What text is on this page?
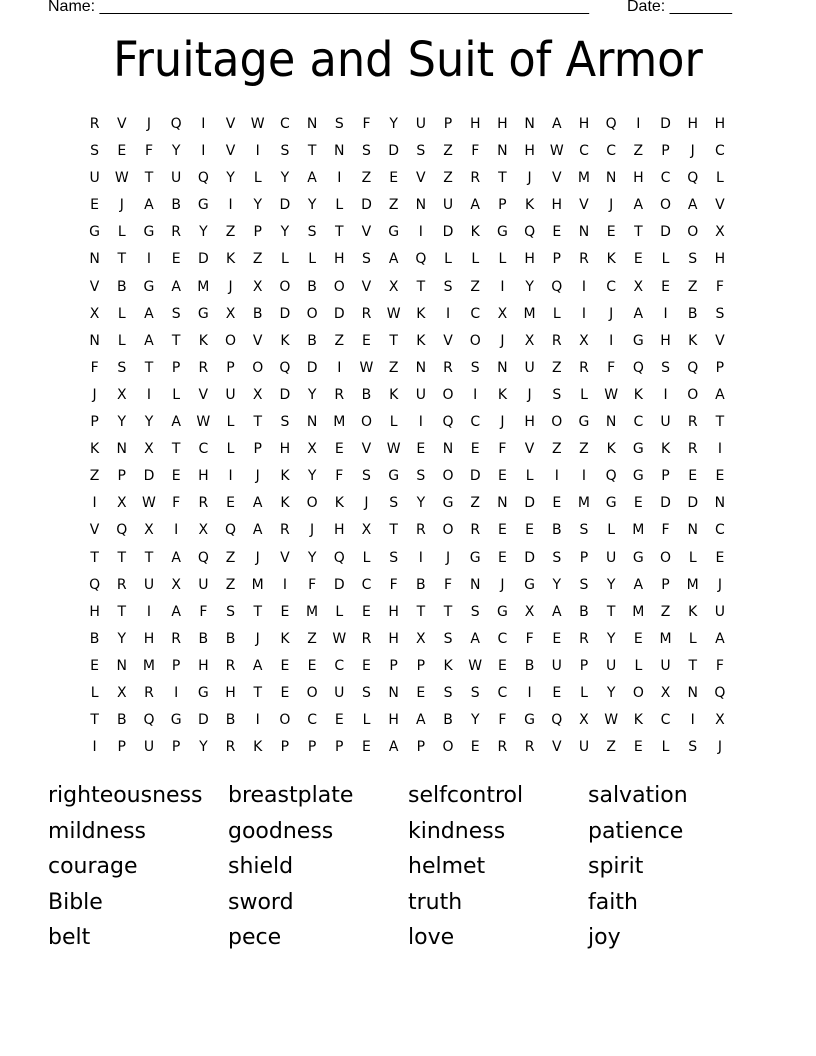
Name: _______________________________________________________ Date: _______
Fruitage and Suit of Armor
R	V	J	Q	I	V	W	C	N	S	F	Y	U	P	H	H	N	A	H	Q	I	D	H	H
S	E	F	Y	I	V	I	S	T	N	S	D	S	Z	F	N	H	W	C	C	Z	P	J	C
U	W	T	U	Q	Y	L	Y	A	I	Z	E	V	Z	R	T	J	V	M	N	H	C	Q	L
E	J	A	B	G	I	Y	D	Y	L	D	Z	N	U	A	P	K	H	V	J	A	O	A	V
G	L	G	R	Y	Z	P	Y	S	T	V	G	I	D	K	G	Q	E	N	E	T	D	O	X
N	T	I	E	D	K	Z	L	L	H	S	A	Q	L	L	L	H	P	R	K	E	L	S	H
V	B	G	A	M	J	X	O	B	O	V	X	T	S	Z	I	Y	Q	I	C	X	E	Z	F
X	L	A	S	G	X	B	D	O	D	R	W	K	I	C	X	M	L	I	J	A	I	B	S
N	L	A	T	K	O	V	K	B	Z	E	T	K	V	O	J	X	R	X	I	G	H	K	V
F	S	T	P	R	P	O	Q	D	I	W	Z	N	R	S	N	U	Z	R	F	Q	S	Q	P
J	X	I	L	V	U	X	D	Y	R	B	K	U	O	I	K	J	S	L	W	K	I	O	A
P	Y	Y	A	W	L	T	S	N	M	O	L	I	Q	C	J	H	O	G	N	C	U	R	T
K	N	X	T	C	L	P	H	X	E	V	W	E	N	E	F	V	Z	Z	K	G	K	R	I
Z	P	D	E	H	I	J	K	Y	F	S	G	S	O	D	E	L	I	I	Q	G	P	E	E
I	X	W	F	R	E	A	K	O	K	J	S	Y	G	Z	N	D	E	M	G	E	D	D	N
V	Q	X	I	X	Q	A	R	J	H	X	T	R	O	R	E	E	B	S	L	M	F	N	C
T	T	T	A	Q	Z	J	V	Y	Q	L	S	I	J	G	E	D	S	P	U	G	O	L	E
Q	R	U	X	U	Z	M	I	F	D	C	F	B	F	N	J	G	Y	S	Y	A	P	M	J
H	T	I	A	F	S	T	E	M	L	E	H	T	T	S	G	X	A	B	T	M	Z	K	U
B	Y	H	R	B	B	J	K	Z	W	R	H	X	S	A	C	F	E	R	Y	E	M	L	A
E	N	M	P	H	R	A	E	E	C	E	P	P	K	W	E	B	U	P	U	L	U	T	F
L	X	R	I	G	H	T	E	O	U	S	N	E	S	S	C	I	E	L	Y	O	X	N	Q
T	B	Q	G	D	B	I	O	C	E	L	H	A	B	Y	F	G	Q	X	W	K	C	I	X
I	P	U	P	Y	R	K	P	P	P	E	A	P	O	E	R	R	V	U	Z	E	L	S	J
righteousness	breastplate	selfcontrol	salvation
mildness	goodness	kindness	patience
courage	shield	helmet	spirit
Bible	sword	truth	faith
belt	pece	love	joy
